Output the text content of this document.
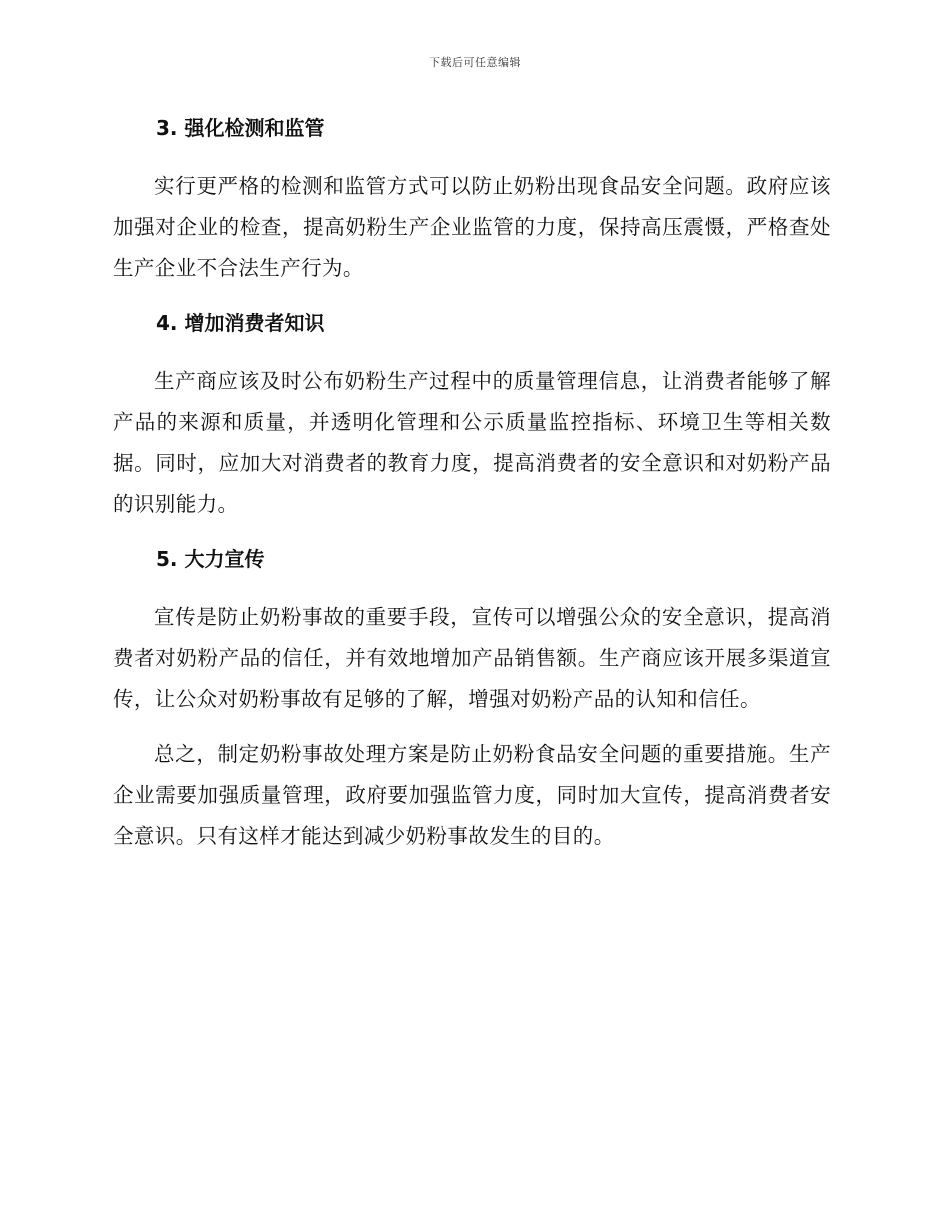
下载后可任意编辑
3. 强化检测和监管

实行更严格的检测和监管方式可以防止奶粉出现食品安全问题。政府应该加强对企业的检查，提高奶粉生产企业监管的力度，保持高压震慑，严格查处生产企业不合法生产行为。

4. 增加消费者知识

生产商应该及时公布奶粉生产过程中的质量管理信息，让消费者能够了解产品的来源和质量，并透明化管理和公示质量监控指标、环境卫生等相关数据。同时，应加大对消费者的教育力度，提高消费者的安全意识和对奶粉产品的识别能力。

5. 大力宣传

宣传是防止奶粉事故的重要手段，宣传可以增强公众的安全意识，提高消费者对奶粉产品的信任，并有效地增加产品销售额。生产商应该开展多渠道宣传，让公众对奶粉事故有足够的了解，增强对奶粉产品的认知和信任。

总之，制定奶粉事故处理方案是防止奶粉食品安全问题的重要措施。生产企业需要加强质量管理，政府要加强监管力度，同时加大宣传，提高消费者安全意识。只有这样才能达到减少奶粉事故发生的目的。
